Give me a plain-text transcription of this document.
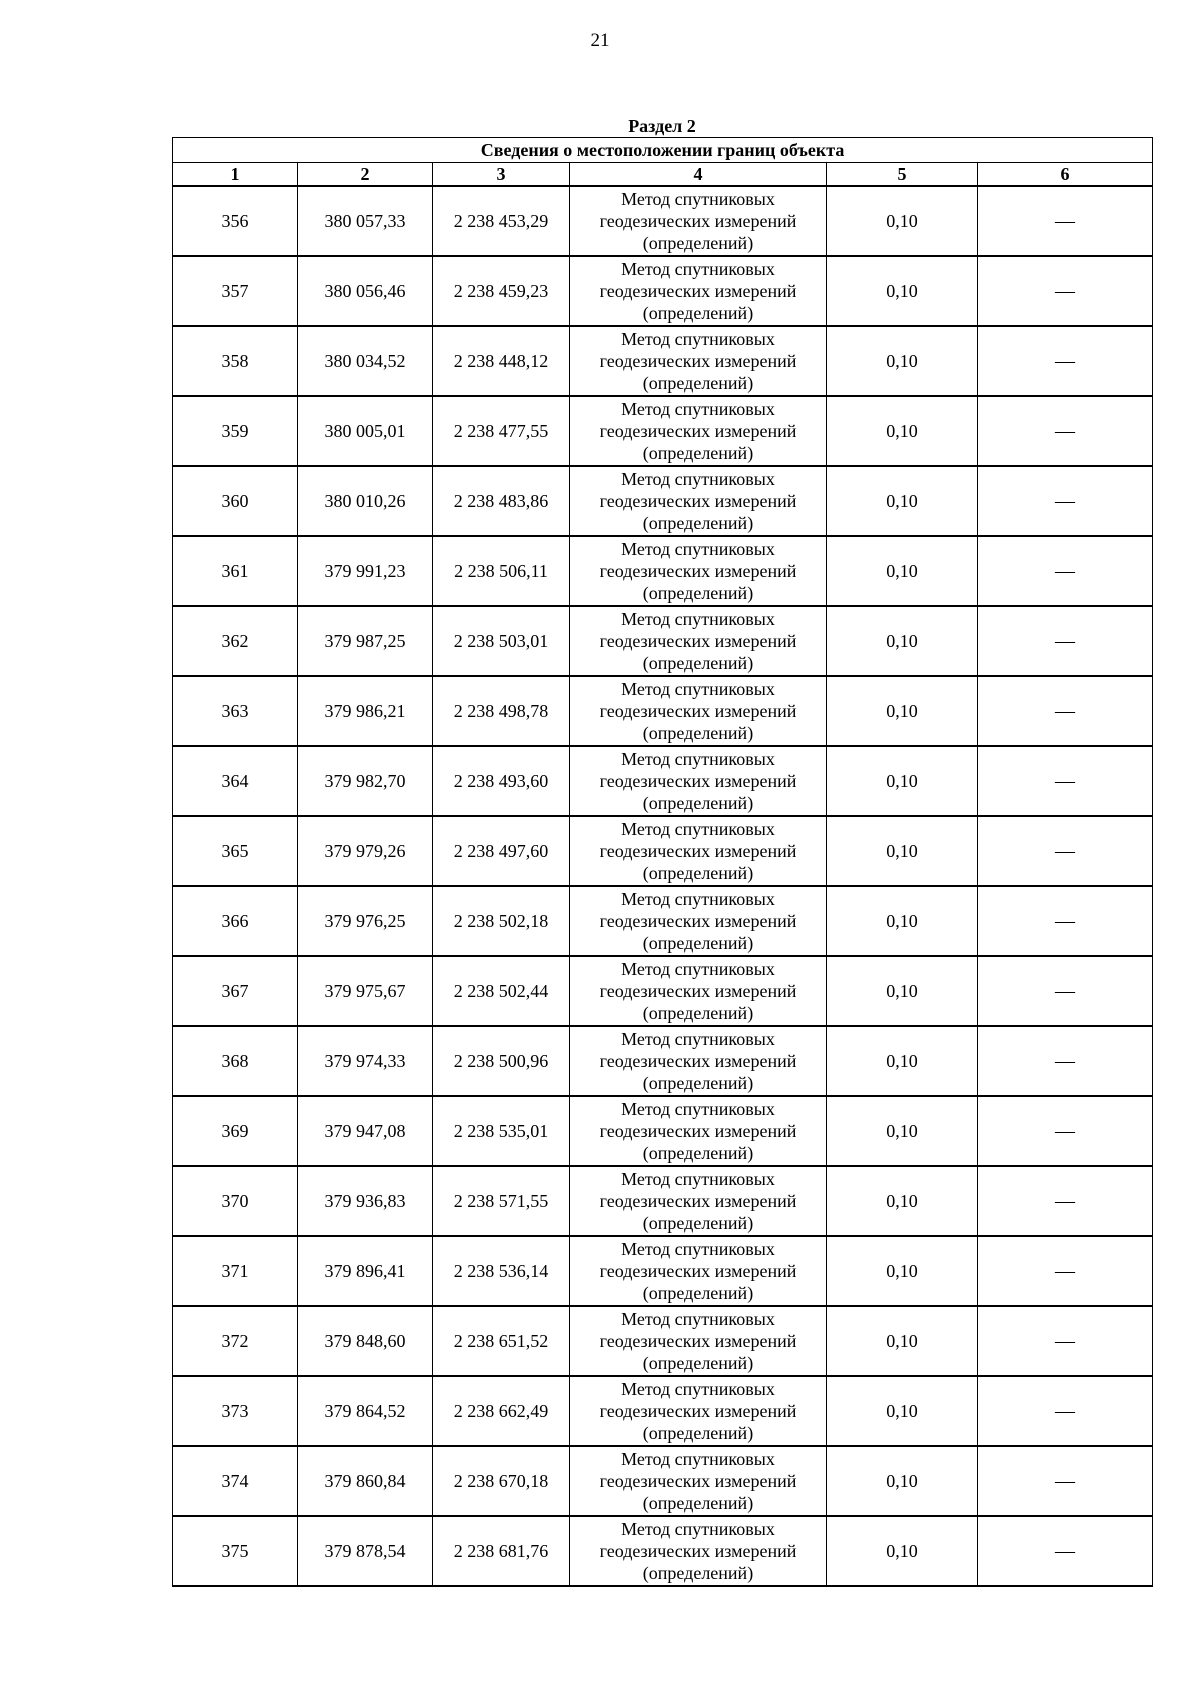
21
Раздел 2
Сведения о местоположении границ объекта					
1	2	3	4	5	6
356	380 057,33	2 238 453,29	Метод спутниковых
геодезических измерений
(определений)	0,10	—
357	380 056,46	2 238 459,23	Метод спутниковых
геодезических измерений
(определений)	0,10	—
358	380 034,52	2 238 448,12	Метод спутниковых
геодезических измерений
(определений)	0,10	—
359	380 005,01	2 238 477,55	Метод спутниковых
геодезических измерений
(определений)	0,10	—
360	380 010,26	2 238 483,86	Метод спутниковых
геодезических измерений
(определений)	0,10	—
361	379 991,23	2 238 506,11	Метод спутниковых
геодезических измерений
(определений)	0,10	—
362	379 987,25	2 238 503,01	Метод спутниковых
геодезических измерений
(определений)	0,10	—
363	379 986,21	2 238 498,78	Метод спутниковых
геодезических измерений
(определений)	0,10	—
364	379 982,70	2 238 493,60	Метод спутниковых
геодезических измерений
(определений)	0,10	—
365	379 979,26	2 238 497,60	Метод спутниковых
геодезических измерений
(определений)	0,10	—
366	379 976,25	2 238 502,18	Метод спутниковых
геодезических измерений
(определений)	0,10	—
367	379 975,67	2 238 502,44	Метод спутниковых
геодезических измерений
(определений)	0,10	—
368	379 974,33	2 238 500,96	Метод спутниковых
геодезических измерений
(определений)	0,10	—
369	379 947,08	2 238 535,01	Метод спутниковых
геодезических измерений
(определений)	0,10	—
370	379 936,83	2 238 571,55	Метод спутниковых
геодезических измерений
(определений)	0,10	—
371	379 896,41	2 238 536,14	Метод спутниковых
геодезических измерений
(определений)	0,10	—
372	379 848,60	2 238 651,52	Метод спутниковых
геодезических измерений
(определений)	0,10	—
373	379 864,52	2 238 662,49	Метод спутниковых
геодезических измерений
(определений)	0,10	—
374	379 860,84	2 238 670,18	Метод спутниковых
геодезических измерений
(определений)	0,10	—
375	379 878,54	2 238 681,76	Метод спутниковых
геодезических измерений
(определений)	0,10	—
